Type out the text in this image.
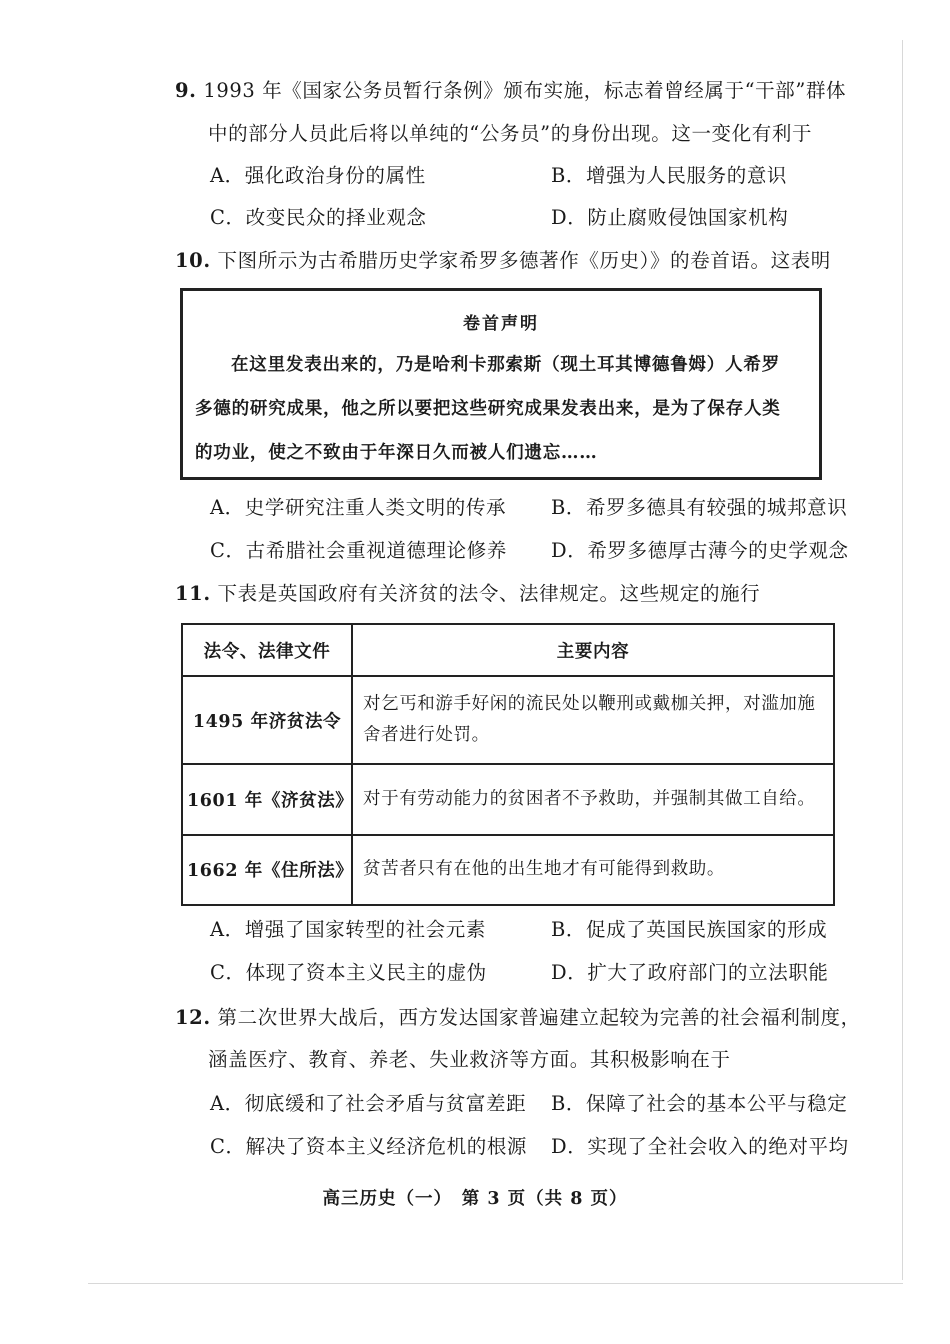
9. 1993 年《国家公务员暂行条例》颁布实施，标志着曾经属于“干部”群体
中的部分人员此后将以单纯的“公务员”的身份出现。这一变化有利于
A．强化政治身份的属性	B．增强为人民服务的意识
C．改变民众的择业观念	D．防止腐败侵蚀国家机构
10. 下图所示为古希腊历史学家希罗多德著作《历史）》的卷首语。这表明
卷首声明
在这里发表出来的，乃是哈利卡那索斯（现土耳其博德鲁姆）人希罗
多德的研究成果，他之所以要把这些研究成果发表出来，是为了保存人类
的功业，使之不致由于年深日久而被人们遗忘……
A．史学研究注重人类文明的传承 B．希罗多德具有较强的城邦意识
C．古希腊社会重视道德理论修养 D．希罗多德厚古薄今的史学观念
11. 下表是英国政府有关济贫的法令、法律规定。这些规定的施行
法令、法律文件	主要内容
1495 年济贫法令	对乞丐和游手好闲的流民处以鞭刑或戴枷关押，对滥加施舍者进行处罚。
1601 年《济贫法》	对于有劳动能力的贫困者不予救助，并强制其做工自给。
1662 年《住所法》	贫苦者只有在他的出生地才有可能得到救助。
A．增强了国家转型的社会元素	B．促成了英国民族国家的形成
C．体现了资本主义民主的虚伪	D．扩大了政府部门的立法职能
12. 第二次世界大战后，西方发达国家普遍建立起较为完善的社会福利制度，
涵盖医疗、教育、养老、失业救济等方面。其积极影响在于
A．彻底缓和了社会矛盾与贫富差距 B．保障了社会的基本公平与稳定
C．解决了资本主义经济危机的根源 D．实现了全社会收入的绝对平均
高三历史（一）　第 3 页（共 8 页）
